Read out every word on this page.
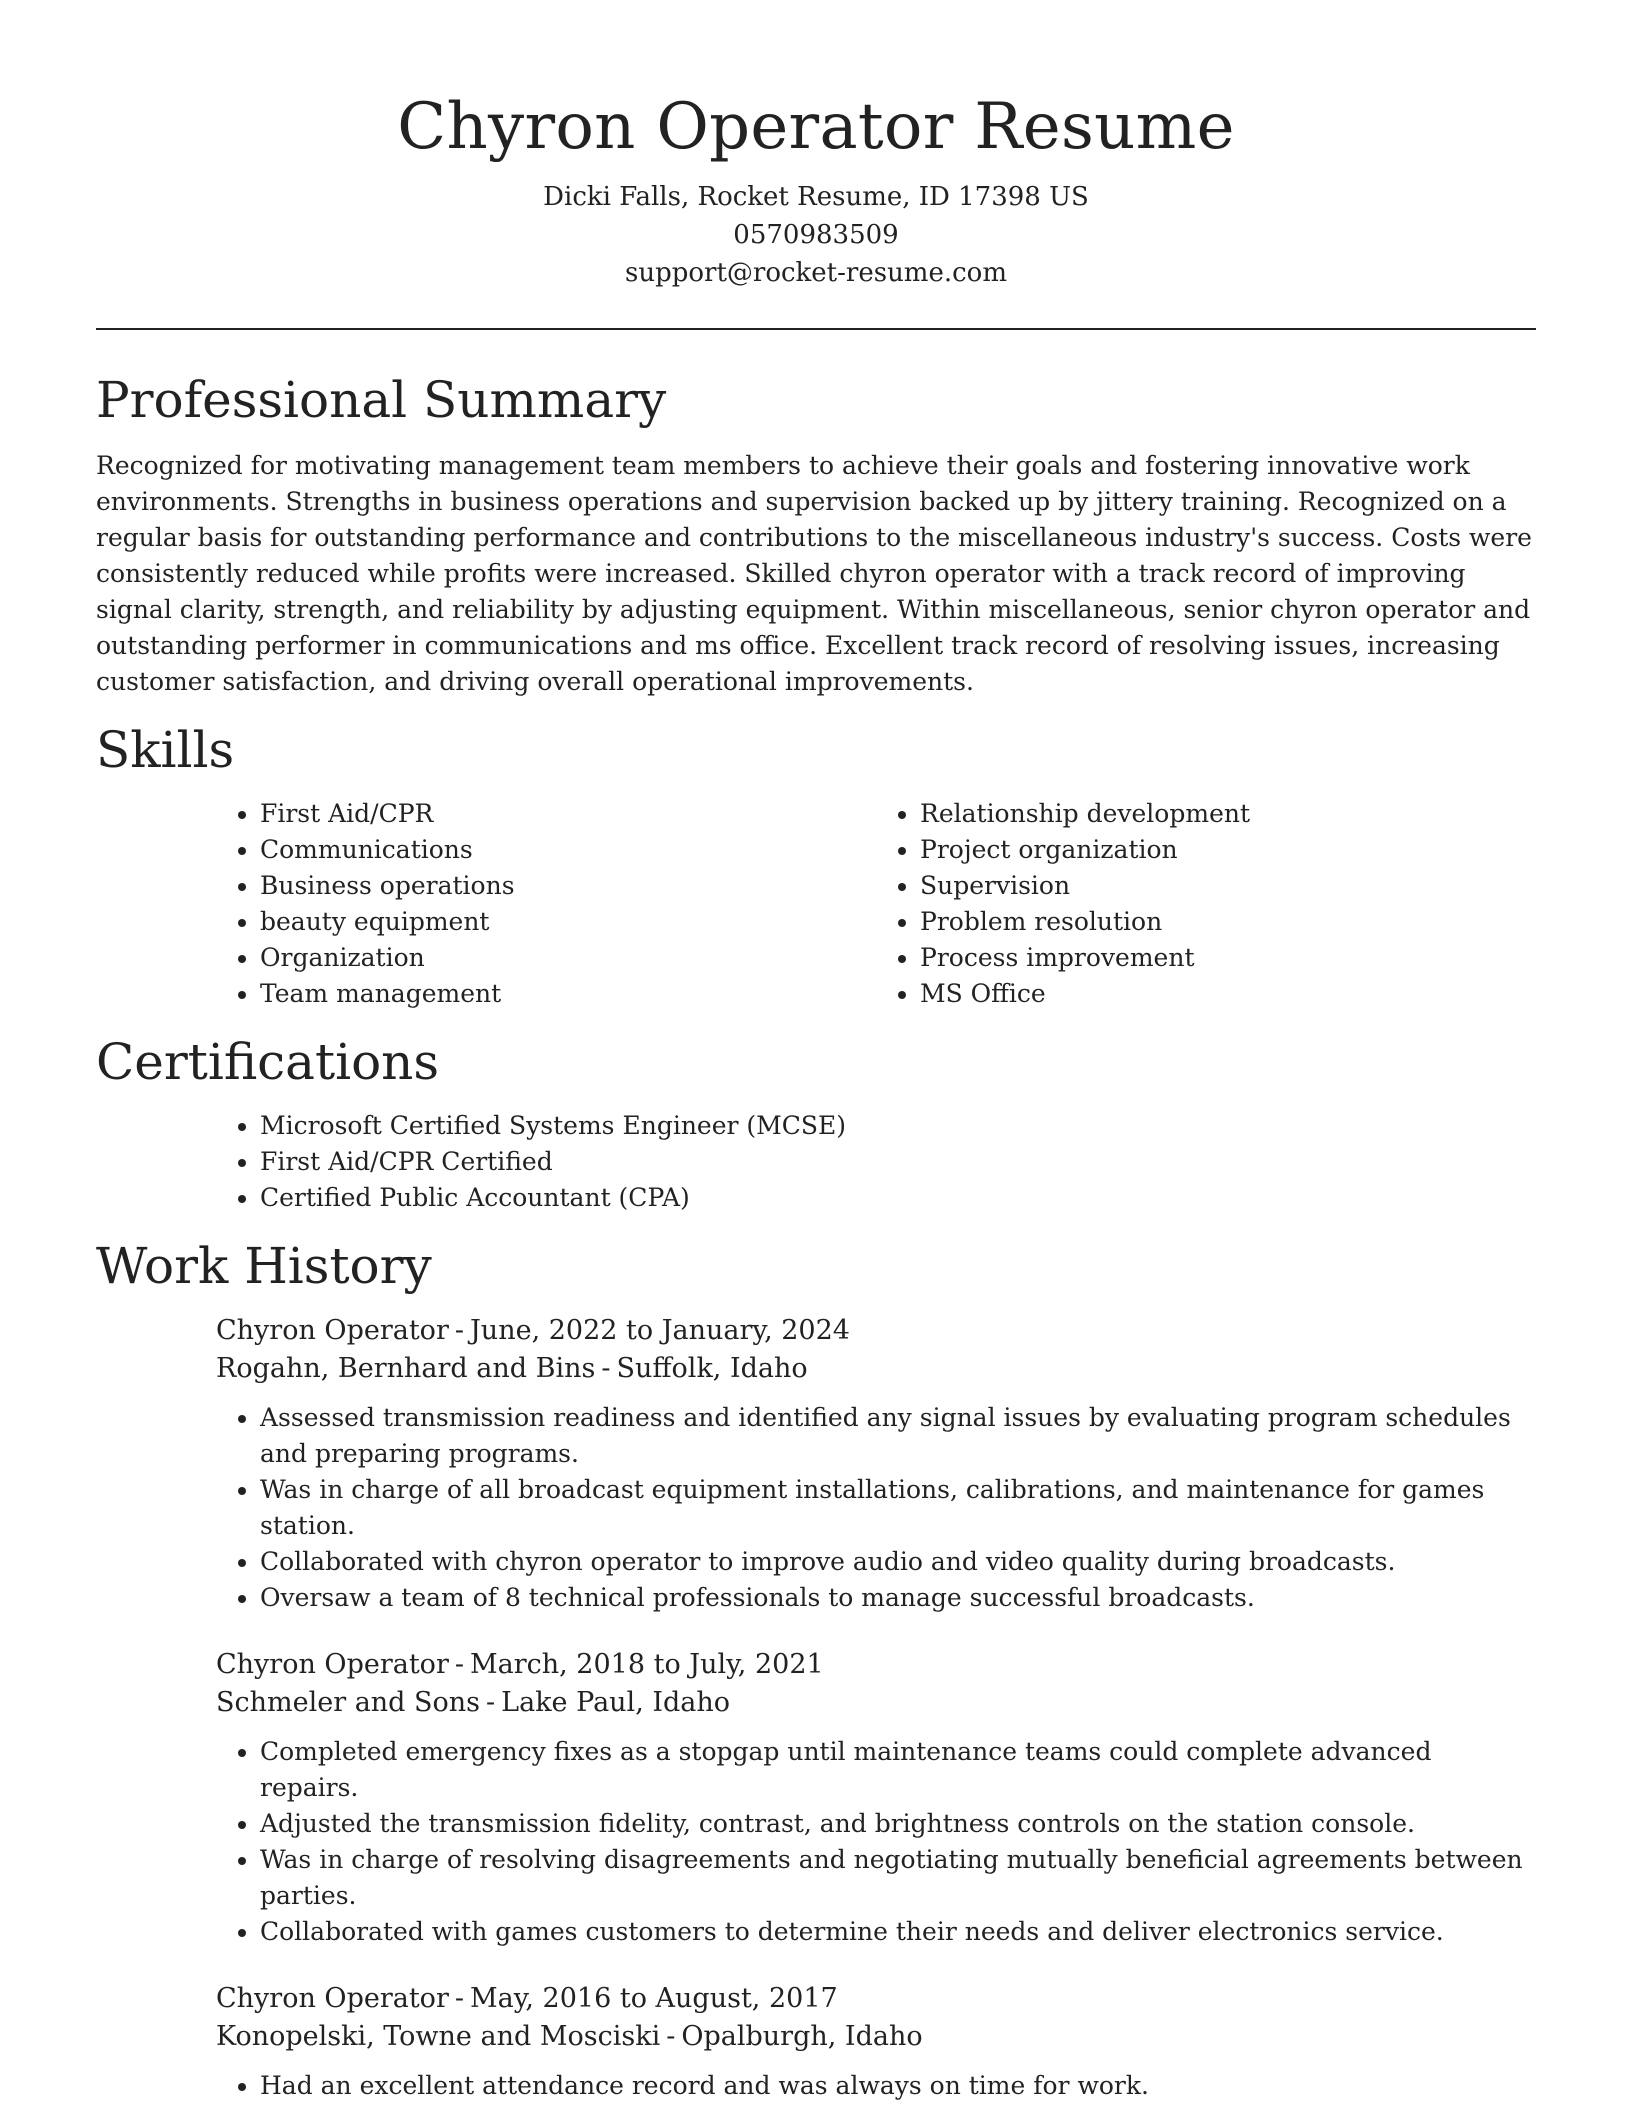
Chyron Operator Resume

Dicki Falls, Rocket Resume, ID 17398 US

0570983509

support@rocket-resume.com

Professional Summary

Recognized for motivating management team members to achieve their goals and fostering innovative work environments. Strengths in business operations and supervision backed up by jittery training. Recognized on a regular basis for outstanding performance and contributions to the miscellaneous industry's success. Costs were consistently reduced while profits were increased. Skilled chyron operator with a track record of improving signal clarity, strength, and reliability by adjusting equipment. Within miscellaneous, senior chyron operator and outstanding performer in communications and ms office. Excellent track record of resolving issues, increasing customer satisfaction, and driving overall operational improvements.

Skills
• First Aid/CPR
• Communications
• Business operations
• beauty equipment
• Organization
• Team management
• Relationship development
• Project organization
• Supervision
• Problem resolution
• Process improvement
• MS Office
Certifications
• Microsoft Certified Systems Engineer (MCSE)
• First Aid/CPR Certified
• Certified Public Accountant (CPA)
Work History

Chyron Operator - June, 2022 to January, 2024

Rogahn, Bernhard and Bins - Suffolk, Idaho

• Assessed transmission readiness and identified any signal issues by evaluating program schedules and preparing programs.
• Was in charge of all broadcast equipment installations, calibrations, and maintenance for games station.
• Collaborated with chyron operator to improve audio and video quality during broadcasts.
• Oversaw a team of 8 technical professionals to manage successful broadcasts.

Chyron Operator - March, 2018 to July, 2021

Schmeler and Sons - Lake Paul, Idaho

• Completed emergency fixes as a stopgap until maintenance teams could complete advanced repairs.
• Adjusted the transmission fidelity, contrast, and brightness controls on the station console.
• Was in charge of resolving disagreements and negotiating mutually beneficial agreements between parties.
• Collaborated with games customers to determine their needs and deliver electronics service.

Chyron Operator - May, 2016 to August, 2017

Konopelski, Towne and Mosciski - Opalburgh, Idaho

• Had an excellent attendance record and was always on time for work.
